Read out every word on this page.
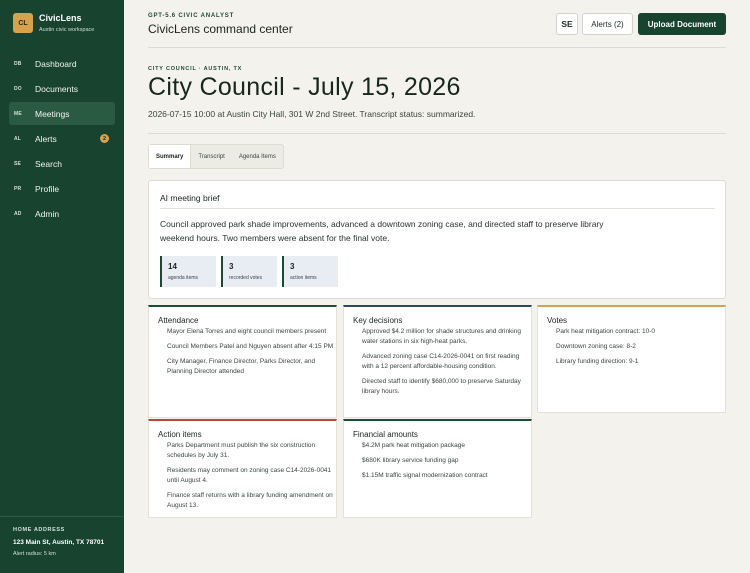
CL	CivicLens
Austin civic workspace
DB	Dashboard
DO	Documents
ME	Meetings
AL	Alerts	2
SE	Search
PR	Profile
AD	Admin
HOME ADDRESS
123 Main St, Austin, TX 78701
Alert radius: 5 km
GPT-5.6 CIVIC ANALYST
CivicLens command center	SE	Alerts (2)	Upload Document
CITY COUNCIL · AUSTIN, TX
City Council - July 15, 2026
2026-07-15 10:00 at Austin City Hall, 301 W 2nd Street. Transcript status: summarized.
Summary	Transcript	Agenda Items
AI meeting brief
Council approved park shade improvements, advanced a downtown zoning case, and directed staff to preserve library weekend hours. Two members were absent for the final vote.
14
agenda items
3
recorded votes
3
action items
Attendance
Mayor Elena Torres and eight council members present
Council Members Patel and Nguyen absent after 4:15 PM
City Manager, Finance Director, Parks Director, and Planning Director attended
Key decisions
Approved $4.2 million for shade structures and drinking water stations in six high-heat parks.
Advanced zoning case C14-2026-0041 on first reading with a 12 percent affordable-housing condition.
Directed staff to identify $680,000 to preserve Saturday library hours.
Votes
Park heat mitigation contract: 10-0
Downtown zoning case: 8-2
Library funding direction: 9-1
Action items
Parks Department must publish the six construction schedules by July 31.
Residents may comment on zoning case C14-2026-0041 until August 4.
Finance staff returns with a library funding amendment on August 13.
Financial amounts
$4.2M park heat mitigation package
$680K library service funding gap
$1.15M traffic signal modernization contract
